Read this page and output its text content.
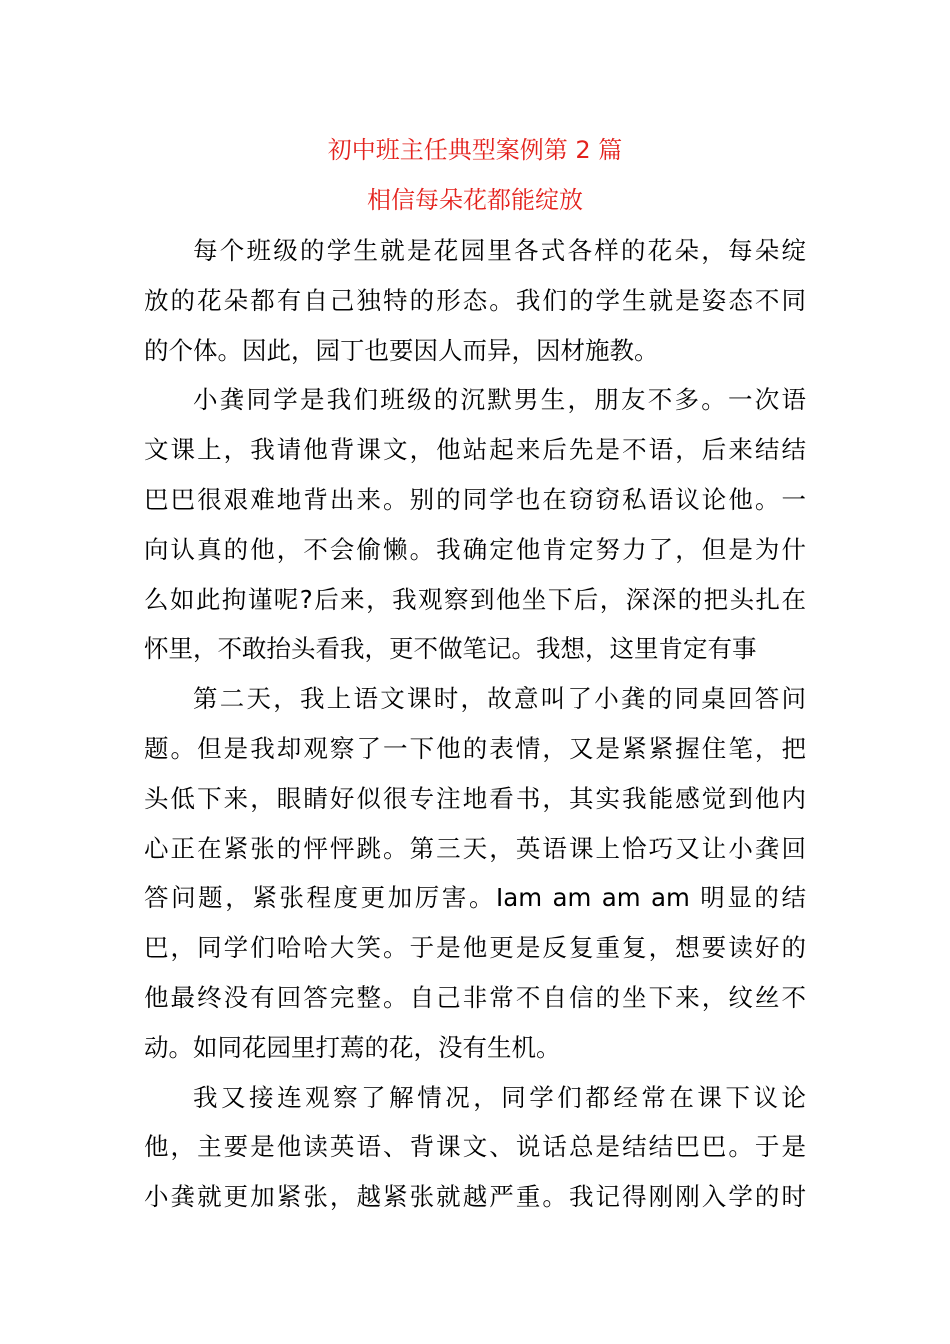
初中班主任典型案例第 2 篇
相信每朵花都能绽放
每个班级的学生就是花园里各式各样的花朵，每朵绽
放的花朵都有自己独特的形态。我们的学生就是姿态不同
的个体。因此，园丁也要因人而异，因材施教。
小龚同学是我们班级的沉默男生，朋友不多。一次语
文课上，我请他背课文，他站起来后先是不语，后来结结
巴巴很艰难地背出来。别的同学也在窃窃私语议论他。一
向认真的他，不会偷懒。我确定他肯定努力了，但是为什
么如此拘谨呢?后来，我观察到他坐下后，深深的把头扎在
怀里，不敢抬头看我，更不做笔记。我想，这里肯定有事
第二天，我上语文课时，故意叫了小龚的同桌回答问
题。但是我却观察了一下他的表情，又是紧紧握住笔，把
头低下来，眼睛好似很专注地看书，其实我能感觉到他内
心正在紧张的怦怦跳。第三天，英语课上恰巧又让小龚回
答问题，紧张程度更加厉害。Iam am am am 明显的结
巴，同学们哈哈大笑。于是他更是反复重复，想要读好的
他最终没有回答完整。自己非常不自信的坐下来，纹丝不
动。如同花园里打蔫的花，没有生机。
我又接连观察了解情况，同学们都经常在课下议论
他，主要是他读英语、背课文、说话总是结结巴巴。于是
小龚就更加紧张，越紧张就越严重。我记得刚刚入学的时
